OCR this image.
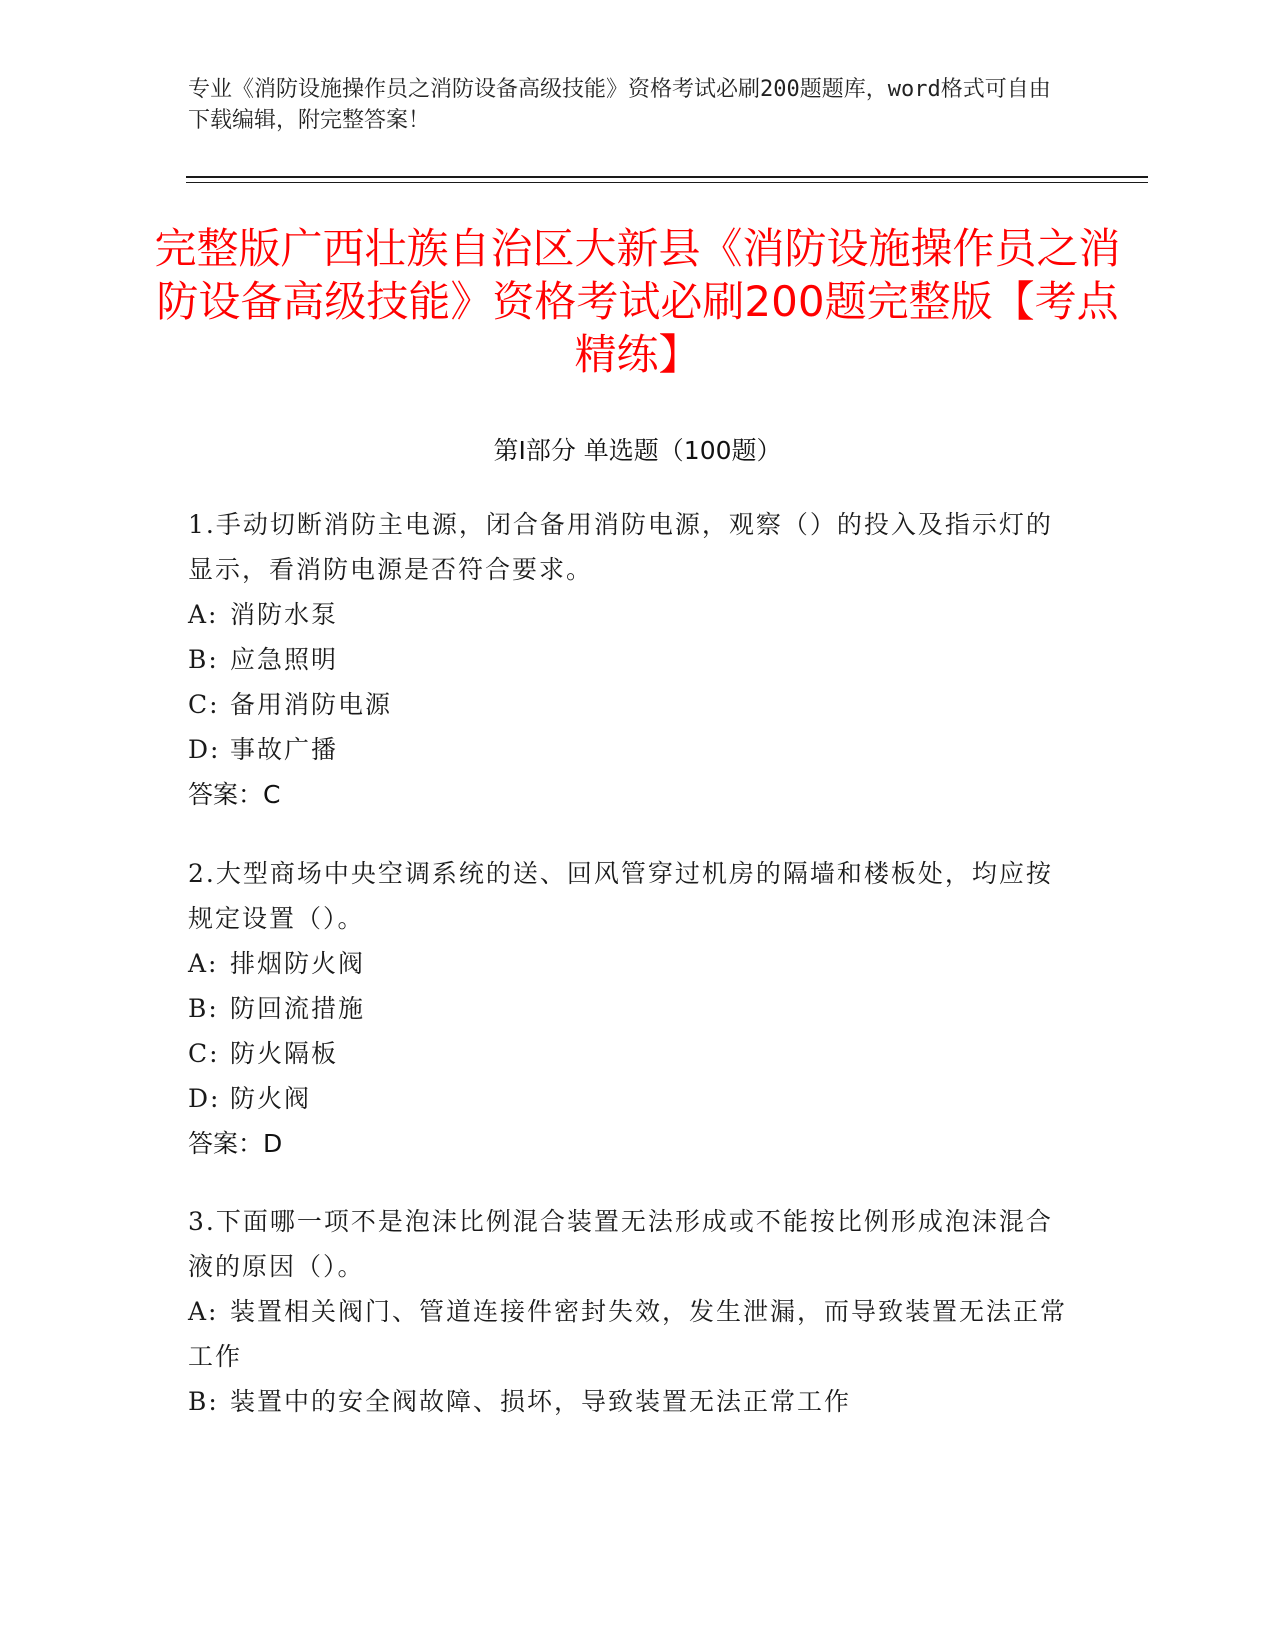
专业《消防设施操作员之消防设备高级技能》资格考试必刷200题题库，word格式可自由下载编辑，附完整答案！
完整版广西壮族自治区大新县《消防设施操作员之消防设备高级技能》资格考试必刷200题完整版【考点精练】
第Ⅰ部分 单选题（100题）
1.手动切断消防主电源，闭合备用消防电源，观察（）的投入及指示灯的显示，看消防电源是否符合要求。
A: 消防水泵
B: 应急照明
C: 备用消防电源
D: 事故广播
答案：C
2.大型商场中央空调系统的送、回风管穿过机房的隔墙和楼板处，均应按规定设置（）。
A: 排烟防火阀
B: 防回流措施
C: 防火隔板
D: 防火阀
答案：D
3.下面哪一项不是泡沫比例混合装置无法形成或不能按比例形成泡沫混合液的原因（）。
A: 装置相关阀门、管道连接件密封失效，发生泄漏，而导致装置无法正常工作
B: 装置中的安全阀故障、损坏，导致装置无法正常工作
